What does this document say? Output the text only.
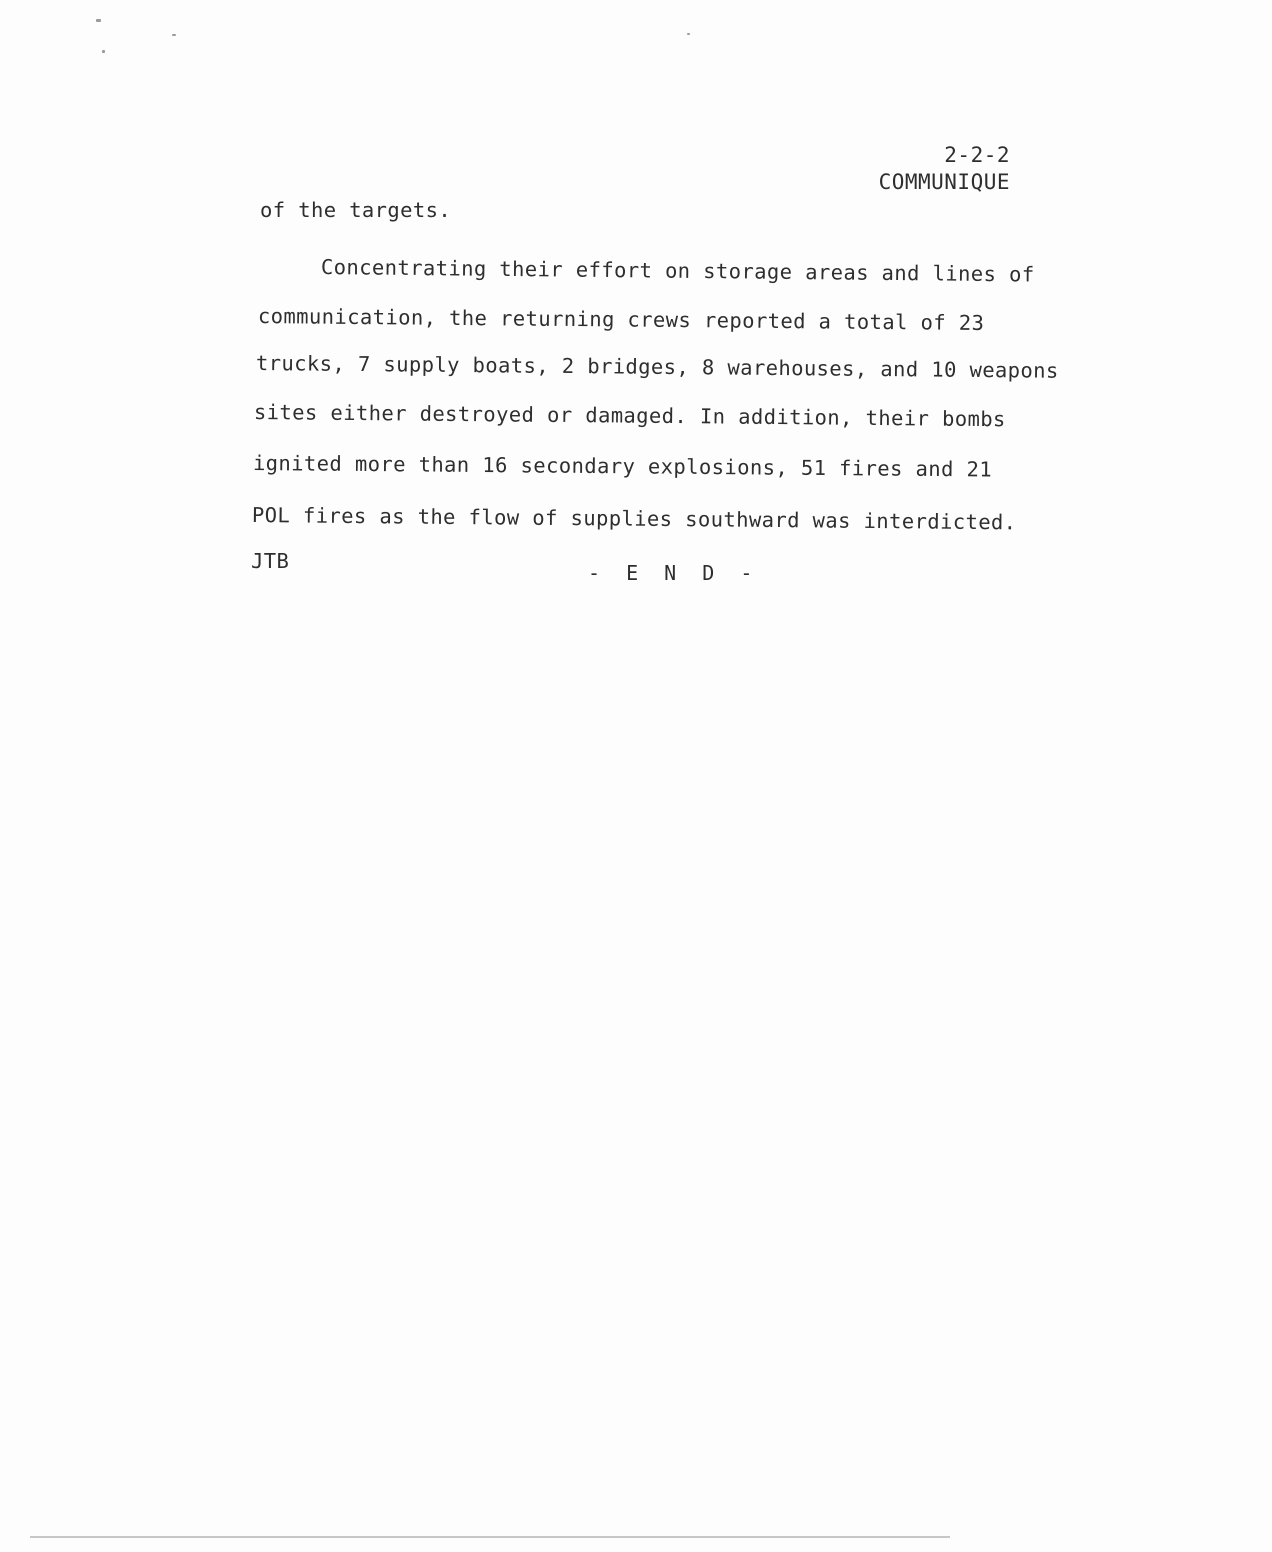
2-2-2
COMMUNIQUE
of the targets.
Concentrating their effort on storage areas and lines of
communication, the returning crews reported a total of 23
trucks, 7 supply boats, 2 bridges, 8 warehouses, and 10 weapons
sites either destroyed or damaged. In addition, their bombs
ignited more than 16 secondary explosions, 51 fires and 21
POL fires as the flow of supplies southward was interdicted.
JTB	- E N D -
